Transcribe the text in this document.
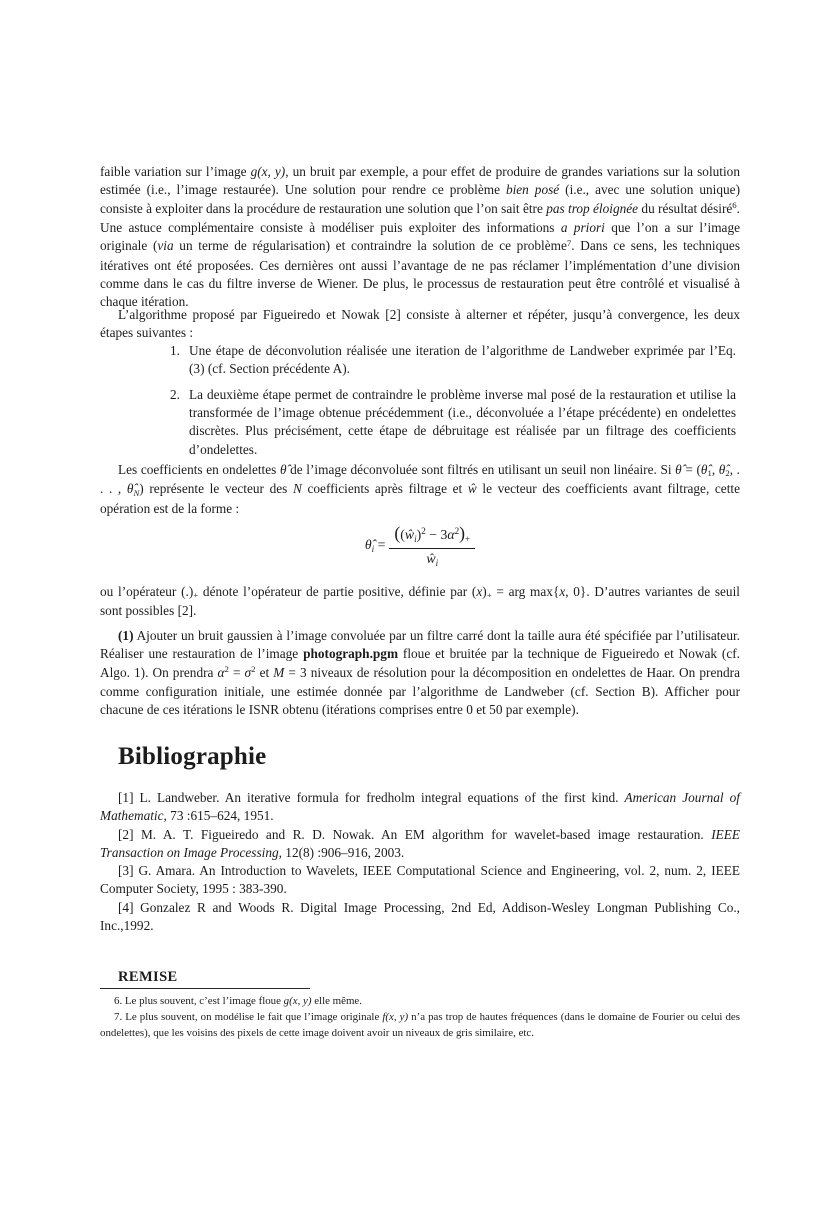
faible variation sur l’image g(x, y), un bruit par exemple, a pour effet de produire de grandes variations sur la solution estimée (i.e., l’image restaurée). Une solution pour rendre ce problème bien posé (i.e., avec une solution unique) consiste à exploiter dans la procédure de restauration une solution que l’on sait être pas trop éloignée du résultat désiré$^6$. Une astuce complémentaire consiste à modéliser puis exploiter des informations a priori que l’on a sur l’image originale (via un terme de régularisation) et contraindre la solution de ce problème$^7$. Dans ce sens, les techniques itératives ont été proposées. Ces dernières ont aussi l’avantage de ne pas réclamer l’implémentation d’une division comme dans le cas du filtre inverse de Wiener. De plus, le processus de restauration peut être contrôlé et visualisé à chaque itération.

L’algorithme proposé par Figueiredo et Nowak [2] consiste à alterner et répéter, jusqu’à convergence, les deux étapes suivantes :

1. Une étape de déconvolution réalisée une iteration de l’algorithme de Landweber exprimée par l’Eq. (3) (cf. Section précédente A).
2. La deuxième étape permet de contraindre le problème inverse mal posé de la restauration et utilise la transformée de l’image obtenue précédemment (i.e., déconvoluée a l’étape précédente) en ondelettes discrètes. Plus précisément, cette étape de débruitage est réalisée par un filtrage des coefficients d’ondelettes.

Les coefficients en ondelettes θ̂ de l’image déconvoluée sont filtrés en utilisant un seuil non linéaire. Si θ̂ = (θ̂1, θ̂2, . . . , θ̂N) représente le vecteur des N coefficients après filtrage et ŵ le vecteur des coefficients avant filtrage, cette opération est de la forme :

θ̂i = $\frac{((ŵi)^2 - 3\alpha^2)+}{ŵi}$

ou l’opérateur (.)+ dénote l’opérateur de partie positive, définie par (x)+ = arg max{x, 0}. D’autres variantes de seuil sont possibles [2].

(1) Ajouter un bruit gaussien à l’image convoluée par un filtre carré dont la taille aura été spécifiée par l’utilisateur. Réaliser une restauration de l’image photograph.pgm floue et bruitée par la technique de Figueiredo et Nowak (cf. Algo. 1). On prendra $\alpha^2 = \sigma^2$ et M = 3 niveaux de résolution pour la décomposition en ondelettes de Haar. On prendra comme configuration initiale, une estimée donnée par l’algorithme de Landweber (cf. Section B). Afficher pour chacune de ces itérations le ISNR obtenu (itérations comprises entre 0 et 50 par exemple).

Bibliographie

[1] L. Landweber. An iterative formula for fredholm integral equations of the first kind. American Journal of Mathematic, 73 :615–624, 1951.

[2] M. A. T. Figueiredo and R. D. Nowak. An EM algorithm for wavelet-based image restauration. IEEE Transaction on Image Processing, 12(8) :906–916, 2003.

[3] G. Amara. An Introduction to Wavelets, IEEE Computational Science and Engineering, vol. 2, num. 2, IEEE Computer Society, 1995 : 383-390.

[4] Gonzalez R and Woods R. Digital Image Processing, 2nd Ed, Addison-Wesley Longman Publishing Co., Inc.,1992.

REMISE

6. Le plus souvent, c’est l’image floue g(x, y) elle même.

7. Le plus souvent, on modélise le fait que l’image originale f(x, y) n’a pas trop de hautes fréquences (dans le domaine de Fourier ou celui des ondelettes), que les voisins des pixels de cette image doivent avoir un niveaux de gris similaire, etc.
